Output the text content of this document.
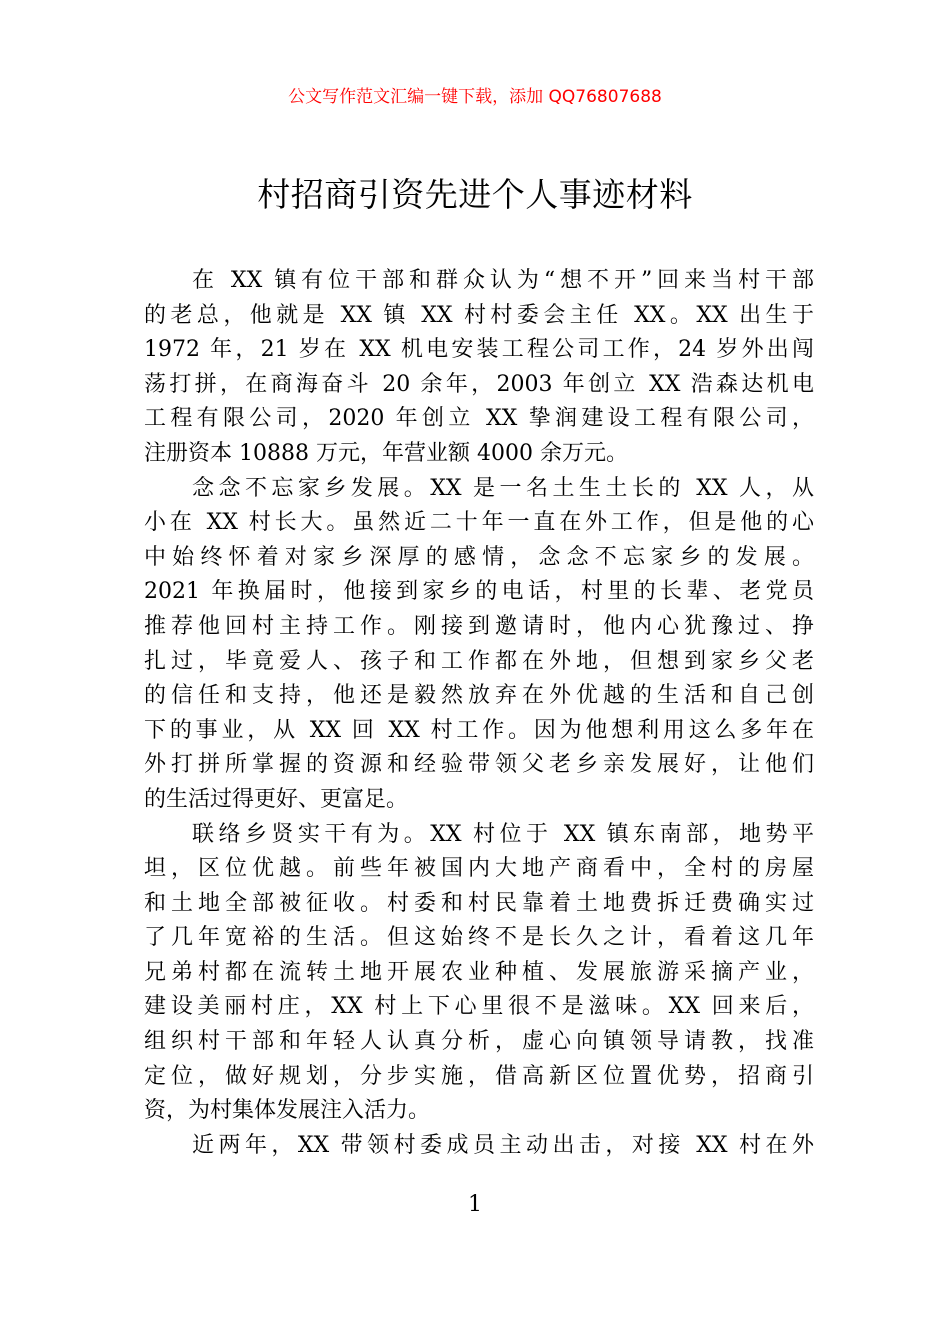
公文写作范文汇编一键下载，添加 QQ76807688
村招商引资先进个人事迹材料
在 XX 镇有位干部和群众认为“想不开”回来当村干部
的老总，他就是 XX 镇 XX 村村委会主任 XX。XX 出生于
1972 年，21 岁在 XX 机电安装工程公司工作，24 岁外出闯
荡打拼，在商海奋斗 20 余年，2003 年创立 XX 浩森达机电
工程有限公司，2020 年创立 XX 挚润建设工程有限公司，
注册资本 10888 万元，年营业额 4000 余万元。
念念不忘家乡发展。XX 是一名土生土长的 XX 人，从
小在 XX 村长大。虽然近二十年一直在外工作，但是他的心
中始终怀着对家乡深厚的感情，念念不忘家乡的发展。
2021 年换届时，他接到家乡的电话，村里的长辈、老党员
推荐他回村主持工作。刚接到邀请时，他内心犹豫过、挣
扎过，毕竟爱人、孩子和工作都在外地，但想到家乡父老
的信任和支持，他还是毅然放弃在外优越的生活和自己创
下的事业，从 XX 回 XX 村工作。因为他想利用这么多年在
外打拼所掌握的资源和经验带领父老乡亲发展好，让他们
的生活过得更好、更富足。
联络乡贤实干有为。XX 村位于 XX 镇东南部，地势平
坦，区位优越。前些年被国内大地产商看中，全村的房屋
和土地全部被征收。村委和村民靠着土地费拆迁费确实过
了几年宽裕的生活。但这始终不是长久之计，看着这几年
兄弟村都在流转土地开展农业种植、发展旅游采摘产业，
建设美丽村庄，XX 村上下心里很不是滋味。XX 回来后，
组织村干部和年轻人认真分析，虚心向镇领导请教，找准
定位，做好规划，分步实施，借高新区位置优势，招商引
资，为村集体发展注入活力。
近两年，XX 带领村委成员主动出击，对接 XX 村在外
1
